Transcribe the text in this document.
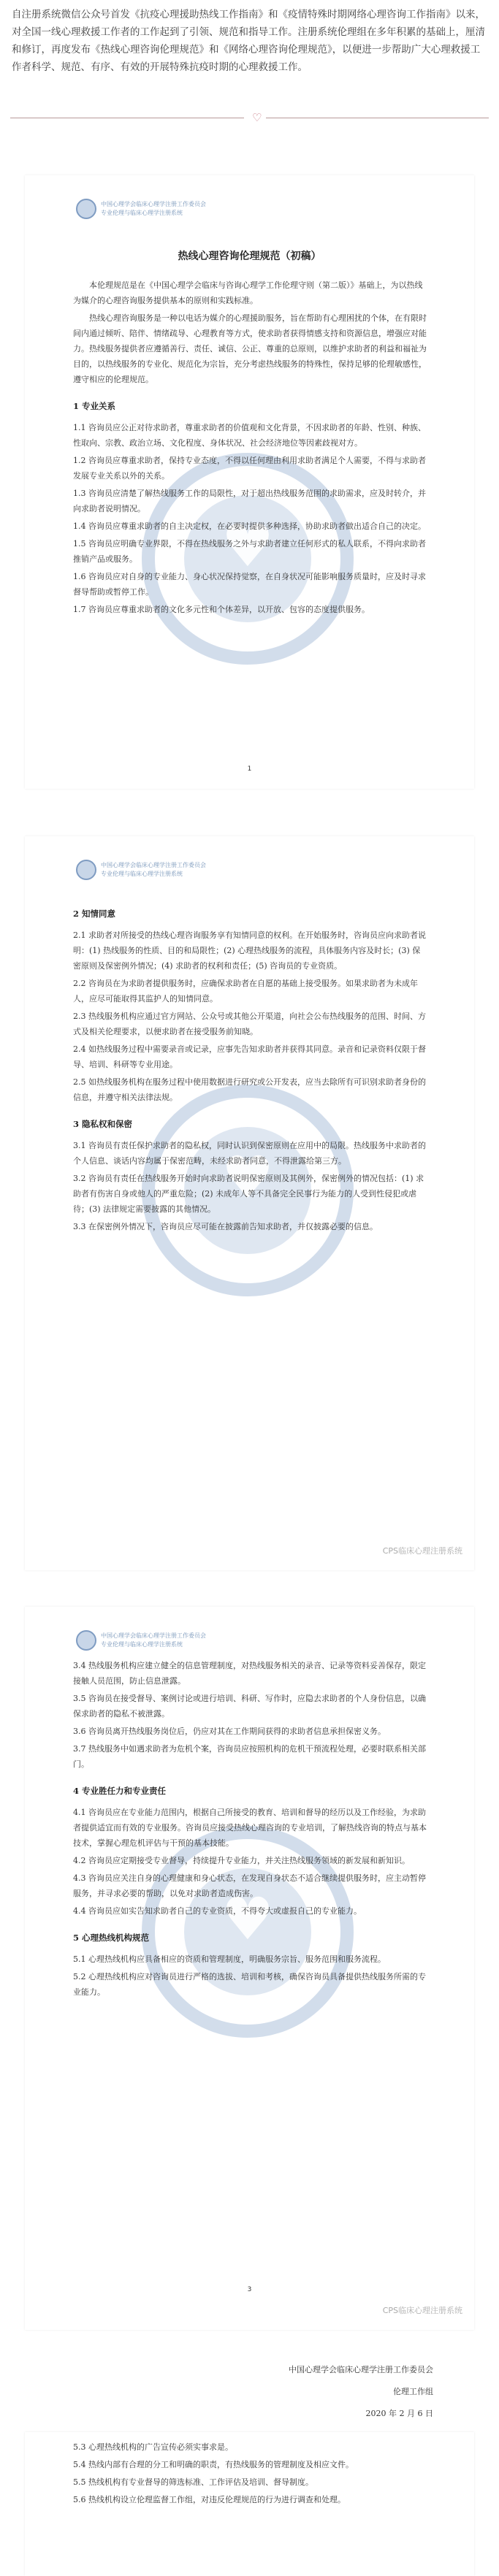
自注册系统微信公众号首发《抗疫心理援助热线工作指南》和《疫情特殊时期网络心理咨询工作指南》以来，对全国一线心理救援工作者的工作起到了引领、规范和指导工作。注册系统伦理组在多年积累的基础上，厘清和修订，再度发布《热线心理咨询伦理规范》和《网络心理咨询伦理规范》，以便进一步帮助广大心理救援工作者科学、规范、有序、有效的开展特殊抗疫时期的心理救援工作。
♡
中国心理学会临床心理学注册工作委员会
专业伦理与临床心理学注册系统
♥
热线心理咨询伦理规范（初稿）

本伦理规范是在《中国心理学会临床与咨询心理学工作伦理守则（第二版）》基础上，为以热线为媒介的心理咨询服务提供基本的原则和实践标准。

热线心理咨询服务是一种以电话为媒介的心理援助服务，旨在帮助有心理困扰的个体，在有限时间内通过倾听、陪伴、情绪疏导、心理教育等方式，使求助者获得情感支持和资源信息，增强应对能力。热线服务提供者应遵循善行、责任、诚信、公正、尊重的总原则，以维护求助者的利益和福祉为目的，以热线服务的专业化、规范化为宗旨，充分考虑热线服务的特殊性，保持足够的伦理敏感性，遵守相应的伦理规范。

1 专业关系

1.1 咨询员应公正对待求助者，尊重求助者的价值观和文化背景，不因求助者的年龄、性别、种族、性取向、宗教、政治立场、文化程度、身体状况、社会经济地位等因素歧视对方。

1.2 咨询员应尊重求助者，保持专业态度，不得以任何理由利用求助者满足个人需要，不得与求助者发展专业关系以外的关系。

1.3 咨询员应清楚了解热线服务工作的局限性，对于超出热线服务范围的求助需求，应及时转介，并向求助者说明情况。

1.4 咨询员应尊重求助者的自主决定权，在必要时提供多种选择，协助求助者做出适合自己的决定。

1.5 咨询员应明确专业界限，不得在热线服务之外与求助者建立任何形式的私人联系，不得向求助者推销产品或服务。

1.6 咨询员应对自身的专业能力、身心状况保持觉察，在自身状况可能影响服务质量时，应及时寻求督导帮助或暂停工作。

1.7 咨询员应尊重求助者的文化多元性和个体差异，以开放、包容的态度提供服务。

1
中国心理学会临床心理学注册工作委员会
专业伦理与临床心理学注册系统
♥
2 知情同意

2.1 求助者对所接受的热线心理咨询服务享有知情同意的权利。在开始服务时，咨询员应向求助者说明：(1) 热线服务的性质、目的和局限性；(2) 心理热线服务的流程，具体服务内容及时长；(3) 保密原则及保密例外情况；(4) 求助者的权利和责任；(5) 咨询员的专业资质。

2.2 咨询员在为求助者提供服务时，应确保求助者在自愿的基础上接受服务。如果求助者为未成年人，应尽可能取得其监护人的知情同意。

2.3 热线服务机构应通过官方网站、公众号或其他公开渠道，向社会公布热线服务的范围、时间、方式及相关伦理要求，以便求助者在接受服务前知晓。

2.4 如热线服务过程中需要录音或记录，应事先告知求助者并获得其同意。录音和记录资料仅限于督导、培训、科研等专业用途。

2.5 如热线服务机构在服务过程中使用数据进行研究或公开发表，应当去除所有可识别求助者身份的信息，并遵守相关法律法规。

3 隐私权和保密

3.1 咨询员有责任保护求助者的隐私权，同时认识到保密原则在应用中的局限。热线服务中求助者的个人信息、谈话内容均属于保密范畴，未经求助者同意，不得泄露给第三方。

3.2 咨询员有责任在热线服务开始时向求助者说明保密原则及其例外，保密例外的情况包括：(1) 求助者有伤害自身或他人的严重危险；(2) 未成年人等不具备完全民事行为能力的人受到性侵犯或虐待；(3) 法律规定需要披露的其他情况。

3.3 在保密例外情况下，咨询员应尽可能在披露前告知求助者，并仅披露必要的信息。

CPS临床心理注册系统
中国心理学会临床心理学注册工作委员会
专业伦理与临床心理学注册系统
♥

3.4 热线服务机构应建立健全的信息管理制度，对热线服务相关的录音、记录等资料妥善保存，限定接触人员范围，防止信息泄露。

3.5 咨询员在接受督导、案例讨论或进行培训、科研、写作时，应隐去求助者的个人身份信息，以确保求助者的隐私不被泄露。

3.6 咨询员离开热线服务岗位后，仍应对其在工作期间获得的求助者信息承担保密义务。

3.7 热线服务中如遇求助者为危机个案，咨询员应按照机构的危机干预流程处理，必要时联系相关部门。

4 专业胜任力和专业责任

4.1 咨询员应在专业能力范围内，根据自己所接受的教育、培训和督导的经历以及工作经验，为求助者提供适宜而有效的专业服务。咨询员应接受热线心理咨询的专业培训，了解热线咨询的特点与基本技术，掌握心理危机评估与干预的基本技能。

4.2 咨询员应定期接受专业督导，持续提升专业能力，并关注热线服务领域的新发展和新知识。

4.3 咨询员应关注自身的心理健康和身心状态，在发现自身状态不适合继续提供服务时，应主动暂停服务，并寻求必要的帮助，以免对求助者造成伤害。

4.4 咨询员应如实告知求助者自己的专业资质，不得夸大或虚报自己的专业能力。

5 心理热线机构规范

5.1 心理热线机构应具备相应的资质和管理制度，明确服务宗旨、服务范围和服务流程。

5.2 心理热线机构应对咨询员进行严格的选拔、培训和考核，确保咨询员具备提供热线服务所需的专业能力。

3
CPS临床心理注册系统

5.3 心理热线机构的广告宣传必须实事求是。

5.4 热线内部有合理的分工和明确的职责，有热线服务的管理制度及相应文件。

5.5 热线机构有专业督导的筛选标准、工作评估及培训、督导制度。

5.6 热线机构设立伦理监督工作组，对违反伦理规范的行为进行调查和处理。

中国心理学会临床心理学注册工作委员会
伦理工作组
2020 年 2 月 6 日
